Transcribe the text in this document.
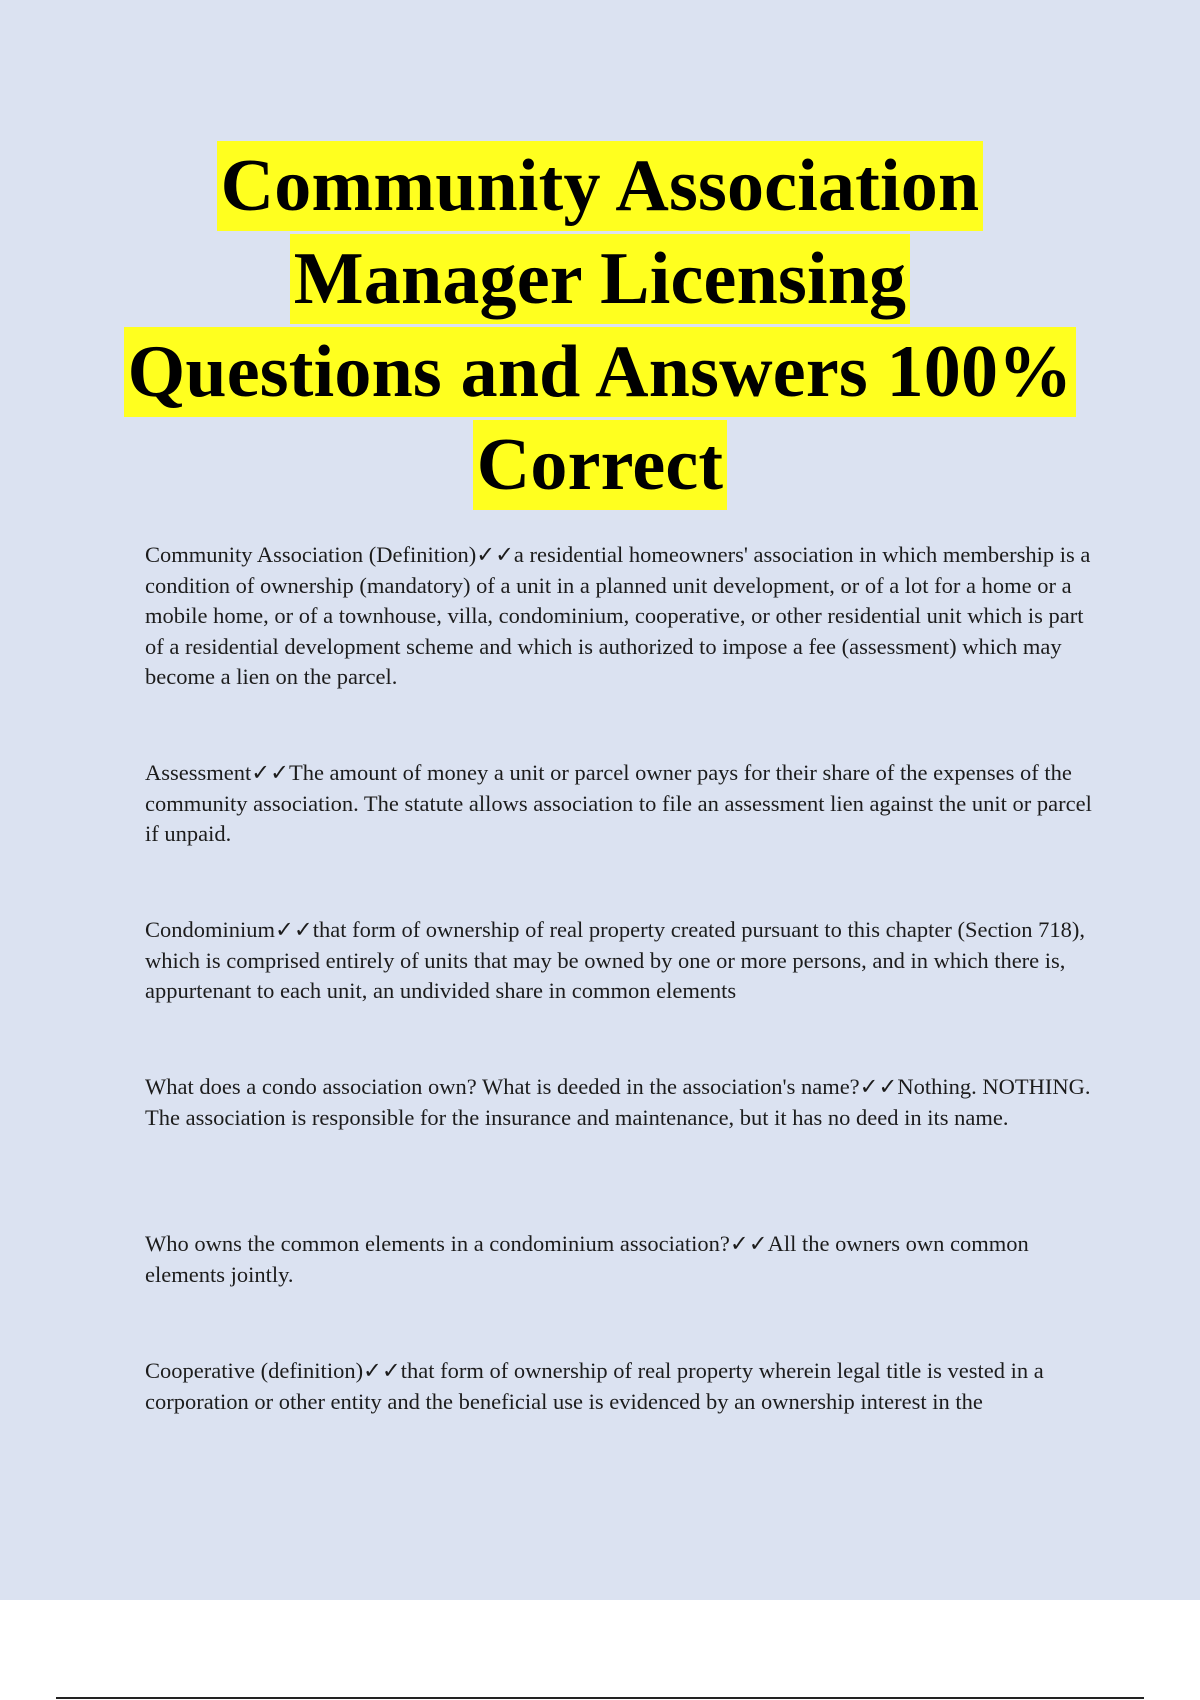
Community Association
Manager Licensing
Questions and Answers 100%
Correct

Community Association (Definition)✓✓a residential homeowners' association in which membership is a condition of ownership (mandatory) of a unit in a planned unit development, or of a lot for a home or a mobile home, or of a townhouse, villa, condominium, cooperative, or other residential unit which is part of a residential development scheme and which is authorized to impose a fee (assessment) which may become a lien on the parcel.

Assessment✓✓The amount of money a unit or parcel owner pays for their share of the expenses of the community association. The statute allows association to file an assessment lien against the unit or parcel if unpaid.

Condominium✓✓that form of ownership of real property created pursuant to this chapter (Section 718), which is comprised entirely of units that may be owned by one or more persons, and in which there is, appurtenant to each unit, an undivided share in common elements

What does a condo association own? What is deeded in the association's name?✓✓Nothing. NOTHING. The association is responsible for the insurance and maintenance, but it has no deed in its name.

Who owns the common elements in a condominium association?✓✓All the owners own common elements jointly.

Cooperative (definition)✓✓that form of ownership of real property wherein legal title is vested in a corporation or other entity and the beneficial use is evidenced by an ownership interest in the
